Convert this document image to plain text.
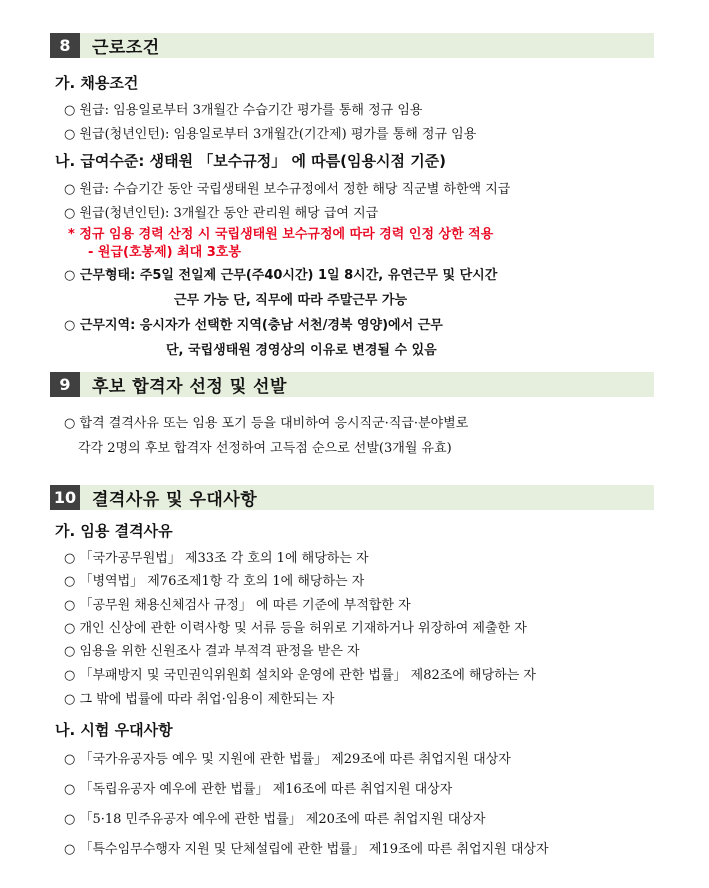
8	근로조건
가. 채용조건
○ 원급: 임용일로부터 3개월간 수습기간 평가를 통해 정규 임용
○ 원급(청년인턴): 임용일로부터 3개월간(기간제) 평가를 통해 정규 임용
나. 급여수준: 생태원 「보수규정」 에 따름(임용시점 기준)
○ 원급: 수습기간 동안 국립생태원 보수규정에서 정한 해당 직군별 하한액 지급
○ 원급(청년인턴): 3개월간 동안 관리원 해당 급여 지급
* 정규 임용 경력 산정 시 국립생태원 보수규정에 따라 경력 인정 상한 적용
- 원급(호봉제) 최대 3호봉
○ 근무형태: 주5일 전일제 근무(주40시간) 1일 8시간, 유연근무 및 단시간
근무 가능 단, 직무에 따라 주말근무 가능
○ 근무지역: 응시자가 선택한 지역(충남 서천/경북 영양)에서 근무
단, 국립생태원 경영상의 이유로 변경될 수 있음
9	후보 합격자 선정 및 선발
○ 합격 결격사유 또는 임용 포기 등을 대비하여 응시직군·직급·분야별로
각각 2명의 후보 합격자 선정하여 고득점 순으로 선발(3개월 유효)
10 결격사유 및 우대사항
가. 임용 결격사유
○ 「국가공무원법」 제33조 각 호의 1에 해당하는 자
○ 「병역법」 제76조제1항 각 호의 1에 해당하는 자
○ 「공무원 채용신체검사 규정」 에 따른 기준에 부적합한 자
○ 개인 신상에 관한 이력사항 및 서류 등을 허위로 기재하거나 위장하여 제출한 자
○ 임용을 위한 신원조사 결과 부적격 판정을 받은 자
○ 「부패방지 및 국민권익위원회 설치와 운영에 관한 법률」 제82조에 해당하는 자
○ 그 밖에 법률에 따라 취업·임용이 제한되는 자
나. 시험 우대사항
○ 「국가유공자등 예우 및 지원에 관한 법률」 제29조에 따른 취업지원 대상자
○ 「독립유공자 예우에 관한 법률」 제16조에 따른 취업지원 대상자
○ 「5·18 민주유공자 예우에 관한 법률」 제20조에 따른 취업지원 대상자
○ 「특수임무수행자 지원 및 단체설립에 관한 법률」 제19조에 따른 취업지원 대상자
